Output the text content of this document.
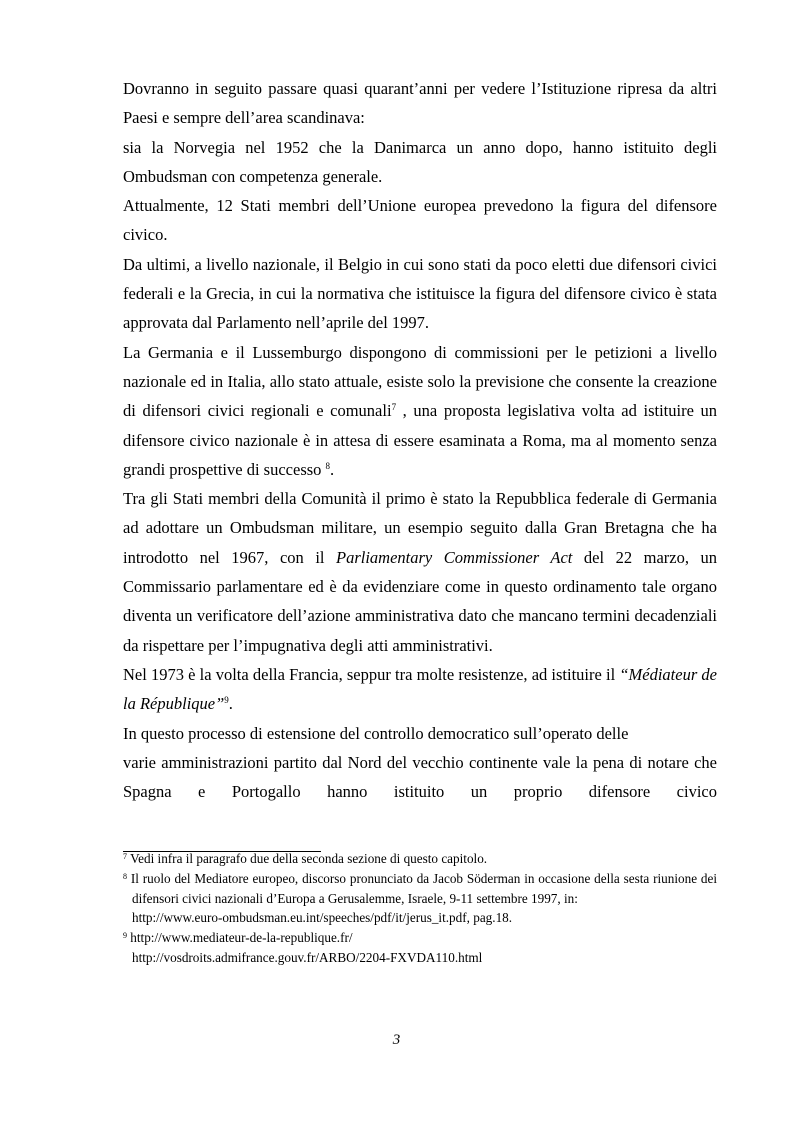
Dovranno in seguito passare quasi quarant’anni per vedere l’Istituzione ripresa da altri Paesi e sempre dell’area scandinava:

sia la Norvegia nel 1952 che la Danimarca un anno dopo, hanno istituito degli Ombudsman con competenza generale.

Attualmente, 12 Stati membri dell’Unione europea prevedono la figura del difensore civico.

Da ultimi, a livello nazionale, il Belgio in cui sono stati da poco eletti due difensori civici federali e la Grecia, in cui la normativa che istituisce la figura del difensore civico è stata approvata dal Parlamento nell’aprile del 1997.

La Germania e il Lussemburgo dispongono di commissioni per le petizioni a livello nazionale ed in Italia, allo stato attuale, esiste solo la previsione che consente la creazione di difensori civici regionali e comunali$^7$ , una proposta legislativa volta ad istituire un difensore civico nazionale è in attesa di essere esaminata a Roma, ma al momento senza grandi prospettive di successo $^8$.

Tra gli Stati membri della Comunità il primo è stato la Repubblica federale di Germania ad adottare un Ombudsman militare, un esempio seguito dalla Gran Bretagna che ha introdotto nel 1967, con il Parliamentary Commissioner Act del 22 marzo, un Commissario parlamentare ed è da evidenziare come in questo ordinamento tale organo diventa un verificatore dell’azione amministrativa dato che mancano termini decadenziali da rispettare per l’impugnativa degli atti amministrativi.

Nel 1973 è la volta della Francia, seppur tra molte resistenze, ad istituire il “Médiateur de la République”$^9$.

In questo processo di estensione del controllo democratico sull’operato delle

varie amministrazioni partito dal Nord del vecchio continente vale la pena di notare che Spagna e Portogallo hanno istituito un proprio difensore civico

$^7$ Vedi infra il paragrafo due della seconda sezione di questo capitolo.

$^8$ Il ruolo del Mediatore europeo, discorso pronunciato da Jacob Söderman in occasione della sesta riunione dei difensori civici nazionali d’Europa a Gerusalemme, Israele, 9-11 settembre 1997, in:
http://www.euro-ombudsman.eu.int/speeches/pdf/it/jerus_it.pdf, pag.18.

$^9$ http://www.mediateur-de-la-republique.fr/
http://vosdroits.admifrance.gouv.fr/ARBO/2204-FXVDA110.html

3
